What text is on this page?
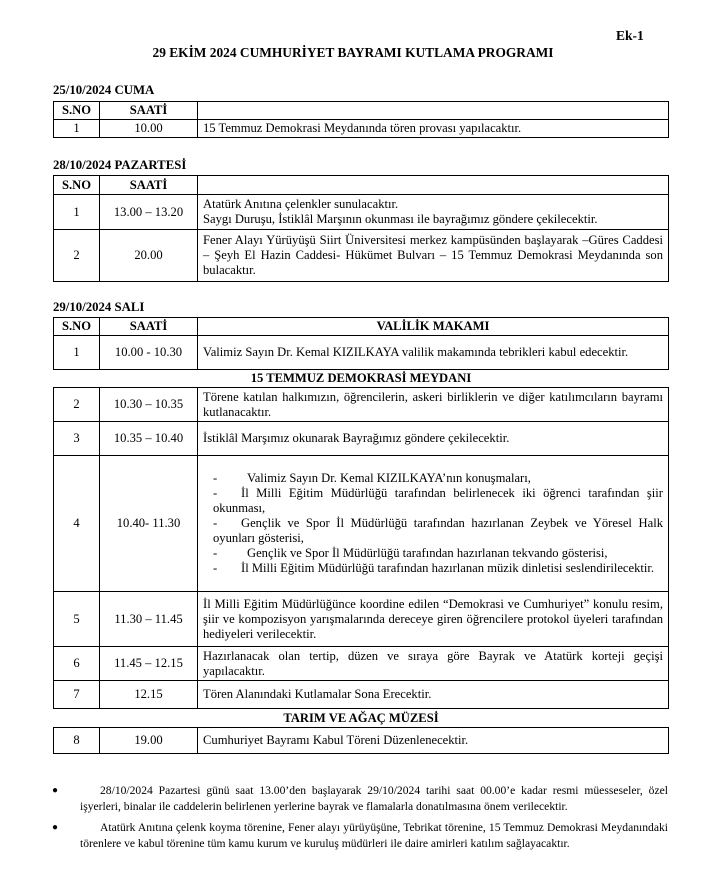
Ek-1
29 EKİM 2024 CUMHURİYET BAYRAMI KUTLAMA PROGRAMI
25/10/2024 CUMA
S.NO	SAATİ	
1	10.00	15 Temmuz Demokrasi Meydanında tören provası yapılacaktır.
28/10/2024 PAZARTESİ
S.NO	SAATİ	
1	13.00 – 13.20	Atatürk Anıtına çelenkler sunulacaktır.
Saygı Duruşu, İstiklâl Marşının okunması ile bayrağımız göndere çekilecektir.

2	20.00	Fener Alayı Yürüyüşü Siirt Üniversitesi merkez kampüsünden başlayarak –Güres Caddesi – Şeyh El Hazin Caddesi- Hükümet Bulvarı – 15 Temmuz Demokrasi Meydanında son bulacaktır.
29/10/2024 SALI
S.NO	SAATİ	VALİLİK MAKAMI
1	10.00 - 10.30	Valimiz Sayın Dr. Kemal KIZILKAYA valilik makamında tebrikleri kabul edecektir.
15 TEMMUZ DEMOKRASİ MEYDANI		
2	10.30 – 10.35	Törene katılan halkımızın, öğrencilerin, askeri birliklerin ve diğer katılımcıların bayramı kutlanacaktır.
3	10.35 – 10.40	İstiklâl Marşımız okunarak Bayrağımız göndere çekilecektir.
4	10.40- 11.30	- Valimiz Sayın Dr. Kemal KIZILKAYA’nın konuşmaları,
- İl Milli Eğitim Müdürlüğü tarafından belirlenecek iki öğrenci tarafından şiir okunması,
- Gençlik ve Spor İl Müdürlüğü tarafından hazırlanan Zeybek ve Yöresel Halk oyunları gösterisi,
- Gençlik ve Spor İl Müdürlüğü tarafından hazırlanan tekvando gösterisi,
- İl Milli Eğitim Müdürlüğü tarafından hazırlanan müzik dinletisi seslendirilecektir.

5	11.30 – 11.45	İl Milli Eğitim Müdürlüğünce koordine edilen “Demokrasi ve Cumhuriyet” konulu resim, şiir ve kompozisyon yarışmalarında dereceye giren öğrencilere protokol üyeleri tarafından hediyeleri verilecektir.
6	11.45 – 12.15	Hazırlanacak olan tertip, düzen ve sıraya göre Bayrak ve Atatürk korteji geçişi yapılacaktır.
7	12.15	Tören Alanındaki Kutlamalar Sona Erecektir.
TARIM VE AĞAÇ MÜZESİ		
8	19.00	Cumhuriyet Bayramı Kabul Töreni Düzenlenecektir.
●	28/10/2024 Pazartesi günü saat 13.00’den başlayarak 29/10/2024 tarihi saat 00.00’e kadar resmi müesseseler, özel işyerleri, binalar ile caddelerin belirlenen yerlerine bayrak ve flamalarla donatılmasına önem verilecektir.
●	Atatürk Anıtına çelenk koyma törenine, Fener alayı yürüyüşüne, Tebrikat törenine, 15 Temmuz Demokrasi Meydanındaki törenlere ve kabul törenine tüm kamu kurum ve kuruluş müdürleri ile daire amirleri katılım sağlayacaktır.
